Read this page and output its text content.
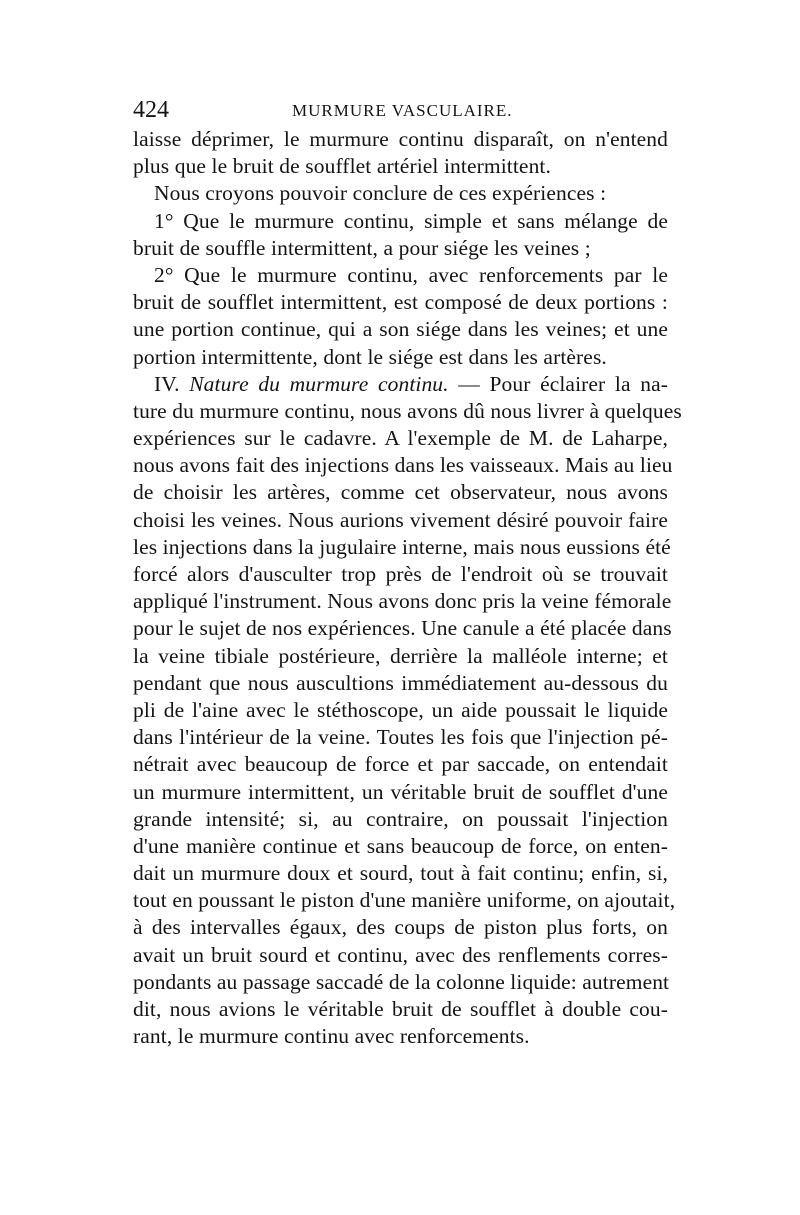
424	MURMURE VASCULAIRE.
laisse déprimer, le murmure continu disparaît, on n'entend
plus que le bruit de soufflet artériel intermittent.
Nous croyons pouvoir conclure de ces expériences :
1° Que le murmure continu, simple et sans mélange de
bruit de souffle intermittent, a pour siége les veines ;
2° Que le murmure continu, avec renforcements par le
bruit de soufflet intermittent, est composé de deux portions :
une portion continue, qui a son siége dans les veines; et une
portion intermittente, dont le siége est dans les artères.
IV. Nature du murmure continu. — Pour éclairer la na-
ture du murmure continu, nous avons dû nous livrer à quelques
expériences sur le cadavre. A l'exemple de M. de Laharpe,
nous avons fait des injections dans les vaisseaux. Mais au lieu
de choisir les artères, comme cet observateur, nous avons
choisi les veines. Nous aurions vivement désiré pouvoir faire
les injections dans la jugulaire interne, mais nous eussions été
forcé alors d'ausculter trop près de l'endroit où se trouvait
appliqué l'instrument. Nous avons donc pris la veine fémorale
pour le sujet de nos expériences. Une canule a été placée dans
la veine tibiale postérieure, derrière la malléole interne; et
pendant que nous auscultions immédiatement au-dessous du
pli de l'aine avec le stéthoscope, un aide poussait le liquide
dans l'intérieur de la veine. Toutes les fois que l'injection pé-
nétrait avec beaucoup de force et par saccade, on entendait
un murmure intermittent, un véritable bruit de soufflet d'une
grande intensité; si, au contraire, on poussait l'injection
d'une manière continue et sans beaucoup de force, on enten-
dait un murmure doux et sourd, tout à fait continu; enfin, si,
tout en poussant le piston d'une manière uniforme, on ajoutait,
à des intervalles égaux, des coups de piston plus forts, on
avait un bruit sourd et continu, avec des renflements corres-
pondants au passage saccadé de la colonne liquide: autrement
dit, nous avions le véritable bruit de soufflet à double cou-
rant, le murmure continu avec renforcements.
